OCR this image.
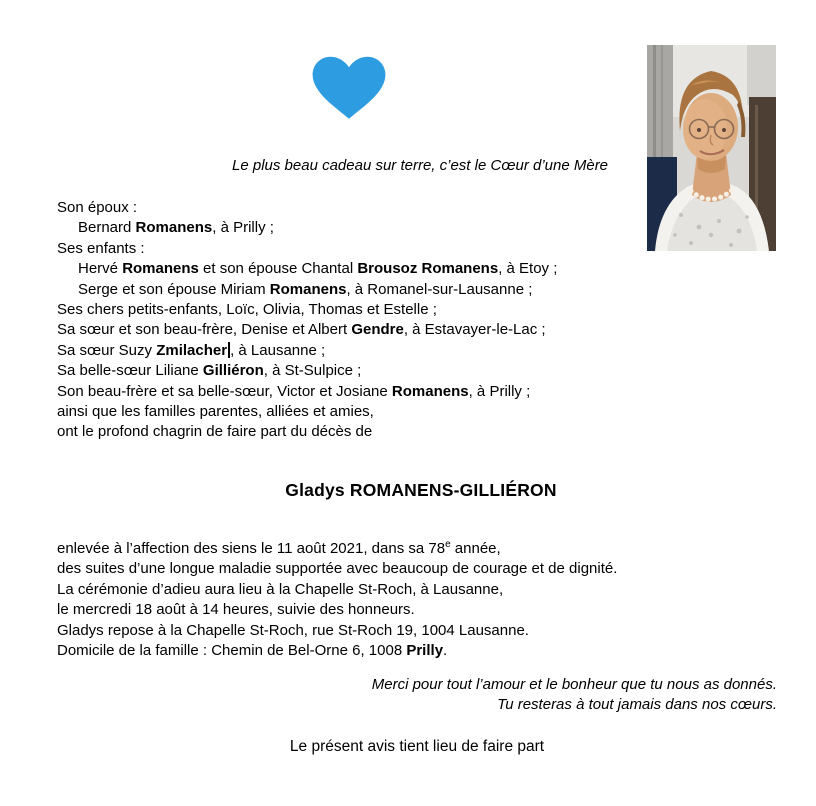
Le plus beau cadeau sur terre, c’est le Cœur d’une Mère
Son époux :
Bernard Romanens, à Prilly ;
Ses enfants :
Hervé Romanens et son épouse Chantal Brousoz Romanens, à Etoy ;
Serge et son épouse Miriam Romanens, à Romanel-sur-Lausanne ;
Ses chers petits-enfants, Loïc, Olivia, Thomas et Estelle ;
Sa sœur et son beau-frère, Denise et Albert Gendre, à Estavayer-le-Lac ;
Sa sœur Suzy Zmilacher , à Lausanne ;
Sa belle-sœur Liliane Gilliéron, à St-Sulpice ;
Son beau-frère et sa belle-sœur, Victor et Josiane Romanens, à Prilly ;
ainsi que les familles parentes, alliées et amies,
ont le profond chagrin de faire part du décès de
Gladys ROMANENS-GILLIÉRON
enlevée à l’affection des siens le 11 août 2021, dans sa 78e année,
des suites d’une longue maladie supportée avec beaucoup de courage et de dignité.
La cérémonie d’adieu aura lieu à la Chapelle St-Roch, à Lausanne,
le mercredi 18 août à 14 heures, suivie des honneurs.
Gladys repose à la Chapelle St-Roch, rue St-Roch 19, 1004 Lausanne.
Domicile de la famille : Chemin de Bel-Orne 6, 1008 Prilly.
Merci pour tout l’amour et le bonheur que tu nous as donnés.
Tu resteras à tout jamais dans nos cœurs.
Le présent avis tient lieu de faire part
